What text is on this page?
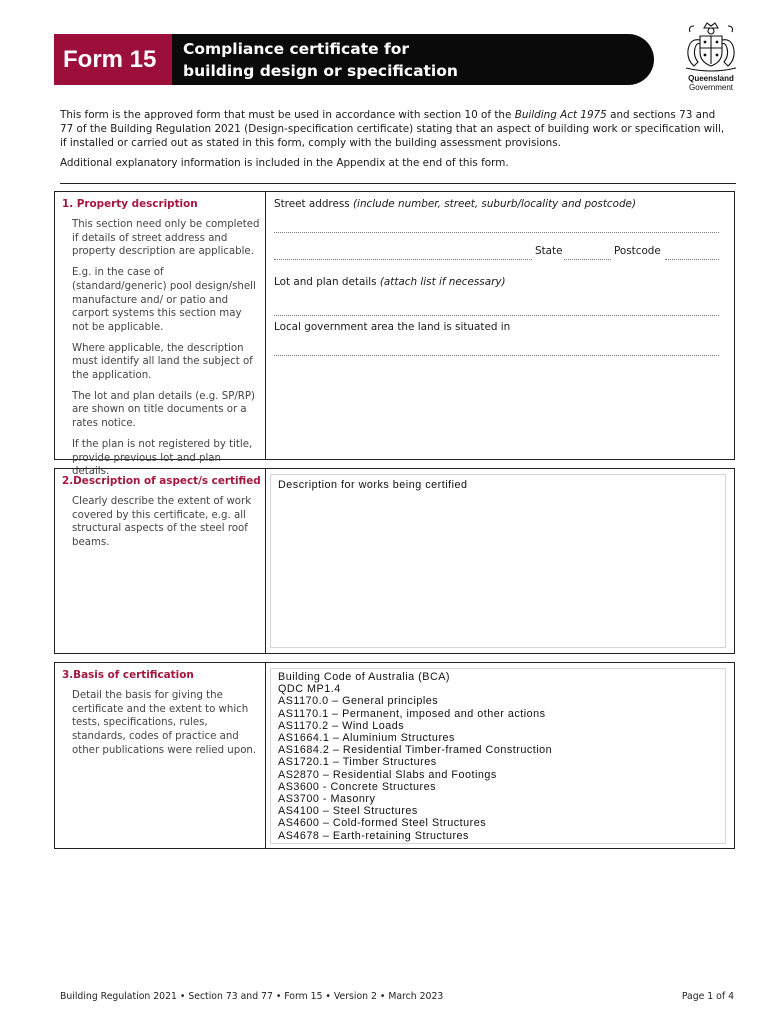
Form 15	Compliance certificate for
building design or specification	Queensland
Government

This form is the approved form that must be used in accordance with section 10 of the Building Act 1975 and sections 73 and 77 of the Building Regulation 2021 (Design-specification certificate) stating that an aspect of building work or specification will, if installed or carried out as stated in this form, comply with the building assessment provisions.

Additional explanatory information is included in the Appendix at the end of this form.

1. Property description

This section need only be completed if details of street address and property description are applicable.

E.g. in the case of (standard/generic) pool design/shell manufacture and/ or patio and carport systems this section may not be applicable.

Where applicable, the description must identify all land the subject of the application.

The lot and plan details (e.g. SP/RP) are shown on title documents or a rates notice.

If the plan is not registered by title, provide previous lot and plan details.

Street address (include number, street, suburb/locality and postcode)
State	Postcode
Lot and plan details (attach list if necessary)
Local government area the land is situated in
2.Description of aspect/s certified
Clearly describe the extent of work covered by this certificate, e.g. all structural aspects of the steel roof beams.
Description for works being certified
3.Basis of certification
Detail the basis for giving the certificate and the extent to which tests, specifications, rules, standards, codes of practice and other publications were relied upon.
Building Code of Australia (BCA)
QDC MP1.4
AS1170.0 – General principles
AS1170.1 – Permanent, imposed and other actions
AS1170.2 – Wind Loads
AS1664.1 – Aluminium Structures
AS1684.2 – Residential Timber-framed Construction
AS1720.1 – Timber Structures
AS2870 – Residential Slabs and Footings
AS3600 - Concrete Structures
AS3700 - Masonry
AS4100 – Steel Structures
AS4600 – Cold-formed Steel Structures
AS4678 – Earth-retaining Structures
Building Regulation 2021 • Section 73 and 77 • Form 15 • Version 2 • March 2023	Page 1 of 4
